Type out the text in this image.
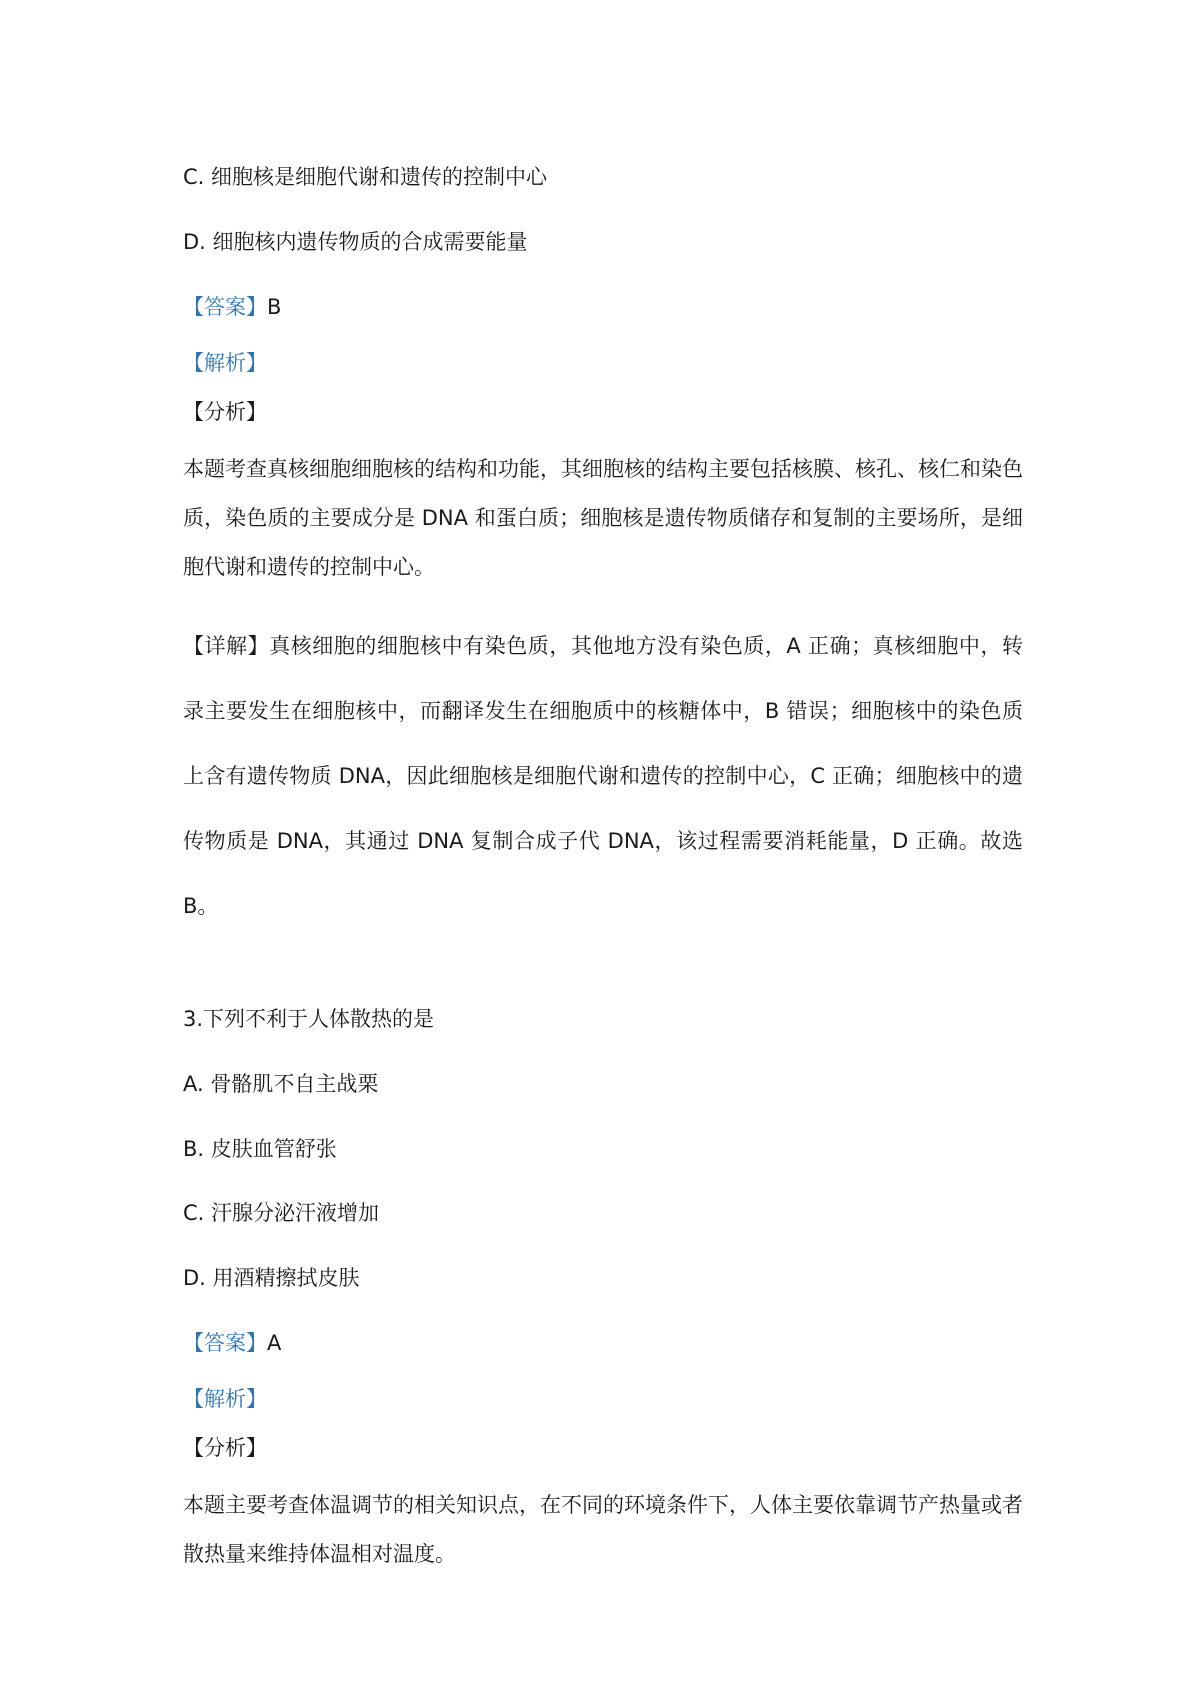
C. 细胞核是细胞代谢和遗传的控制中心
D. 细胞核内遗传物质的合成需要能量
【答案】B
【解析】
【分析】
本题考查真核细胞细胞核的结构和功能，其细胞核的结构主要包括核膜、核孔、核仁和染色质，染色质的主要成分是 DNA 和蛋白质；细胞核是遗传物质储存和复制的主要场所，是细胞代谢和遗传的控制中心。
【详解】真核细胞的细胞核中有染色质，其他地方没有染色质，A 正确；真核细胞中，转录主要发生在细胞核中，而翻译发生在细胞质中的核糖体中，B 错误；细胞核中的染色质上含有遗传物质 DNA，因此细胞核是细胞代谢和遗传的控制中心，C 正确；细胞核中的遗传物质是 DNA，其通过 DNA 复制合成子代 DNA，该过程需要消耗能量，D 正确。故选 B。
3.下列不利于人体散热的是
A. 骨骼肌不自主战栗
B. 皮肤血管舒张
C. 汗腺分泌汗液增加
D. 用酒精擦拭皮肤
【答案】A
【解析】
【分析】
本题主要考查体温调节的相关知识点，在不同的环境条件下，人体主要依靠调节产热量或者散热量来维持体温相对温度。
